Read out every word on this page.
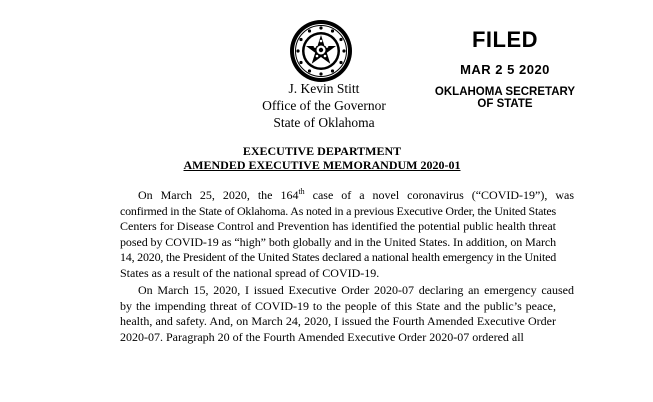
J. Kevin Stitt
Office of the Governor
State of Oklahoma
FILED
MAR 2 5 2020
OKLAHOMA SECRETARY
OF STATE
EXECUTIVE DEPARTMENT
AMENDED EXECUTIVE MEMORANDUM 2020-01
On March 25, 2020, the 164th case of a novel coronavirus (“COVID-19”), was
confirmed in the State of Oklahoma. As noted in a previous Executive Order, the United States
Centers for Disease Control and Prevention has identified the potential public health threat
posed by COVID-19 as “high” both globally and in the United States. In addition, on March
14, 2020, the President of the United States declared a national health emergency in the United
States as a result of the national spread of COVID-19.
On March 15, 2020, I issued Executive Order 2020-07 declaring an emergency caused
by the impending threat of COVID-19 to the people of this State and the public’s peace,
health, and safety. And, on March 24, 2020, I issued the Fourth Amended Executive Order
2020-07. Paragraph 20 of the Fourth Amended Executive Order 2020-07 ordered all
